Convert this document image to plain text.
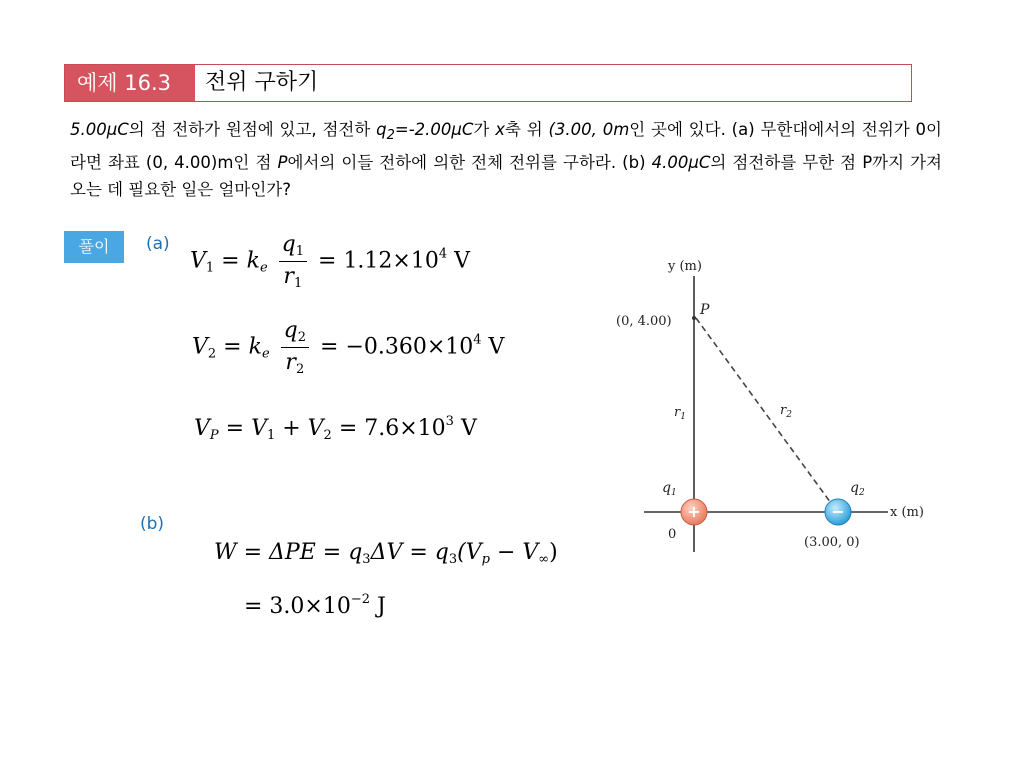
예제 16.3	전위 구하기
5.00μC의 점 전하가 원점에 있고, 점전하 $q_2=-2.00\mu C$가 x축 위 (3.00, 0m인 곳에 있다. (a) 무한대에서의 전위가 0이라면 좌표 (0, 4.00)m인 점 P에서의 이들 전하에 의한 전체 전위를 구하라. (b) 4.00μC의 점전하를 무한 점 P까지 가져오는 데 필요한 일은 얼마인가?
풀이	(a)
(b)
$V_1 = k_e \frac{q_1}{r_1} = 1.12\times 10^4$ V
$V_2 = k_e \frac{q_2}{r_2} = -0.360\times 10^4$ V
$V_P = V_1 + V_2 = 7.6\times 10^3$ V
$W = \Delta PE = q_3\Delta V = q_3(V_p - V_\infty)$
= $3.0\times 10^{-2}$ J
y (m)
x (m)
P
(0, 4.00)
$r_1$	$r_2$
$q_1$	$q_2$
0
(3.00, 0)
+	−
